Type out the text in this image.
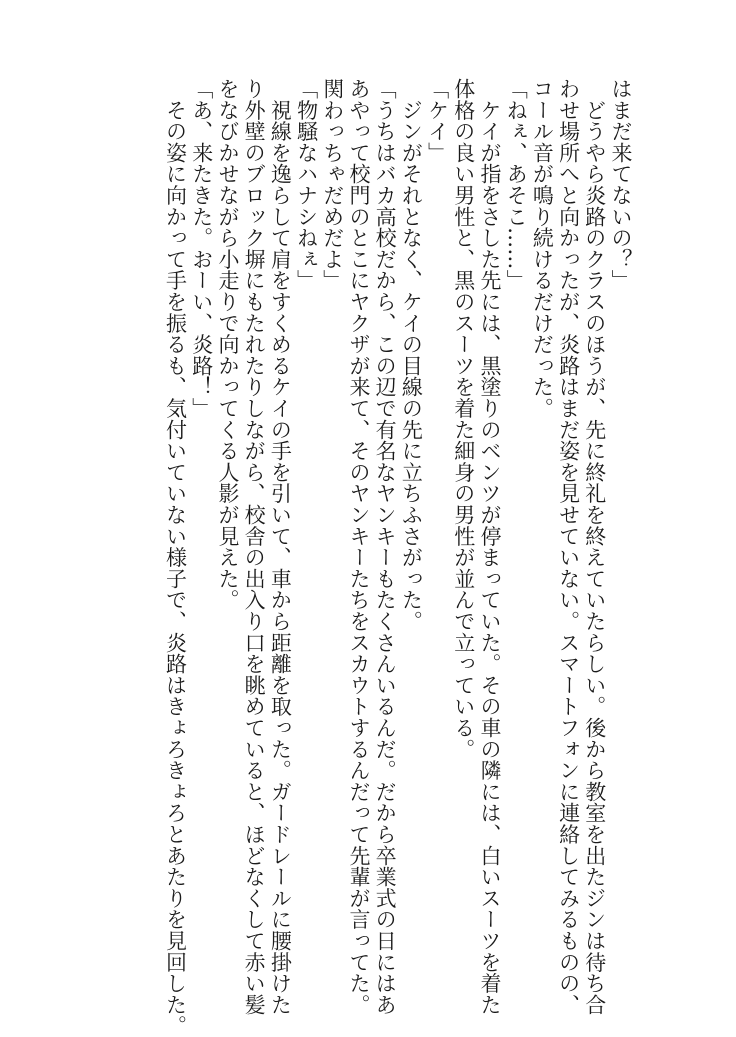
はまだ来てないの？」
　どうやら炎路のクラスのほうが、先に終礼を終えていたらしい。後から教室を出たジンは待ち合
わせ場所へと向かったが、炎路はまだ姿を見せていない。スマートフォンに連絡してみるものの、
コール音が鳴り続けるだけだった。
「ねぇ、あそこ……」
　ケイが指をさした先には、黒塗りのベンツが停まっていた。その車の隣には、白いスーツを着た
体格の良い男性と、黒のスーツを着た細身の男性が並んで立っている。
「ケイ」
　ジンがそれとなく、ケイの目線の先に立ちふさがった。
「うちはバカ高校だから、この辺で有名なヤンキーもたくさんいるんだ。だから卒業式の日にはあ
あやって校門のとこにヤクザが来て、そのヤンキーたちをスカウトするんだって先輩が言ってた。
関わっちゃだめだよ」
「物騒なハナシねぇ」
　視線を逸らして肩をすくめるケイの手を引いて、車から距離を取った。ガードレールに腰掛けた
り外壁のブロック塀にもたれたりしながら、校舎の出入り口を眺めていると、ほどなくして赤い髪
をなびかせながら小走りで向かってくる人影が見えた。
「あ、来たきた。おーい、炎路！」
　その姿に向かって手を振るも、気付いていない様子で、炎路はきょろきょろとあたりを見回した。
